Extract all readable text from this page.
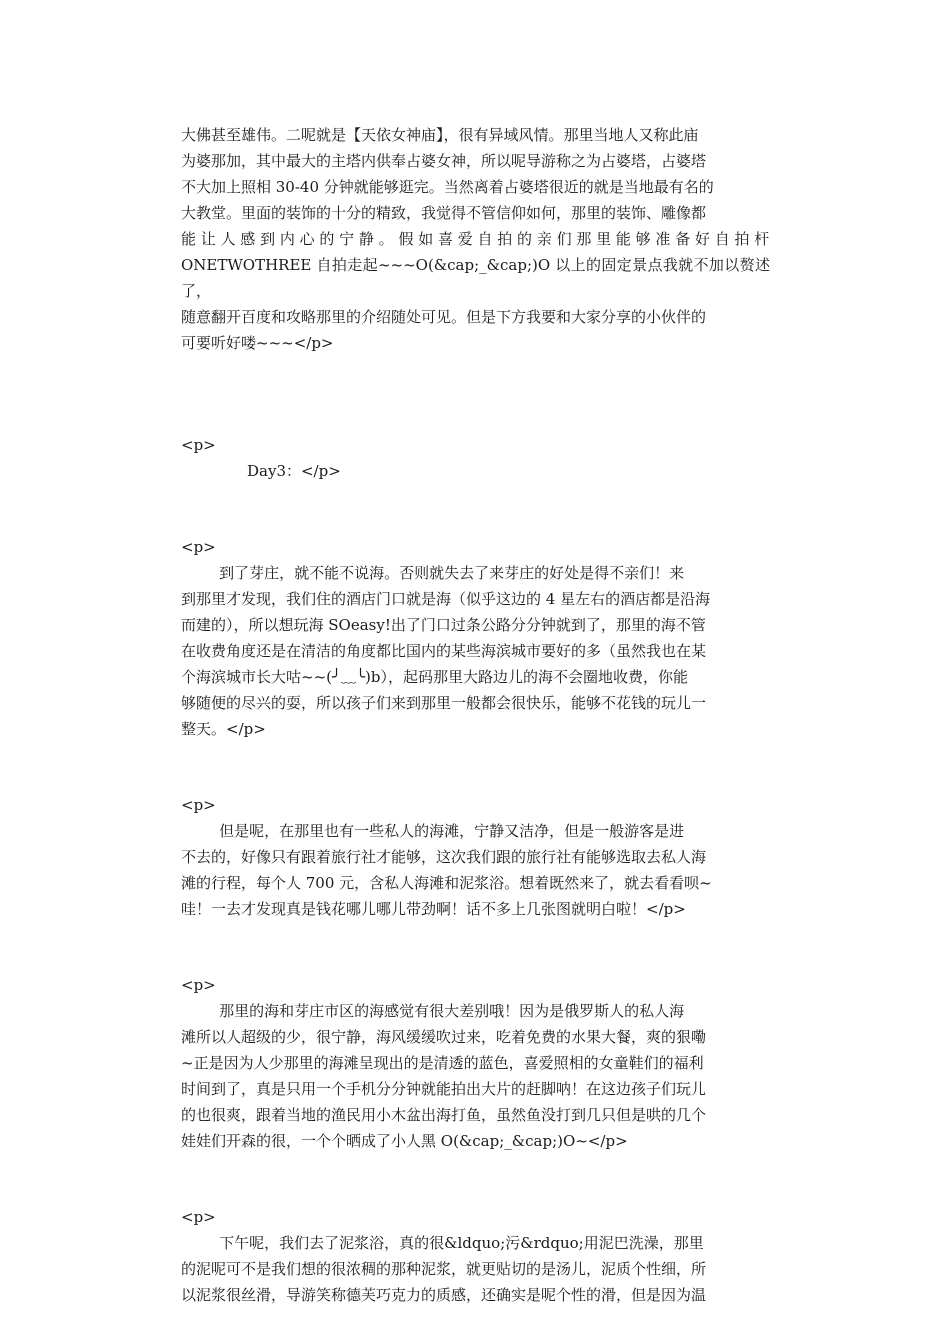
大佛甚至雄伟。二呢就是【天依女神庙】，很有异域风情。那里当地人又称此庙

为婆那加，其中最大的主塔内供奉占婆女神，所以呢导游称之为占婆塔，占婆塔

不大加上照相 30-40 分钟就能够逛完。当然离着占婆塔很近的就是当地最有名的

大教堂。里面的装饰的十分的精致，我觉得不管信仰如何，那里的装饰、雕像都

能 让 人 感 到 内 心 的 宁 静 。 假 如 喜 爱 自 拍 的 亲 们 那 里 能 够 准 备 好 自 拍 杆

ONETWOTHREE 自拍走起~~~O(&cap;_&cap;)O 以上的固定景点我就不加以赘述了，

随意翻开百度和攻略那里的介绍随处可见。但是下方我要和大家分享的小伙伴的

可要听好喽~~~</p>

<p>

Day3：</p>

<p>

到了芽庄，就不能不说海。否则就失去了来芽庄的好处是得不亲们！来

到那里才发现，我们住的酒店门口就是海（似乎这边的 4 星左右的酒店都是沿海

而建的），所以想玩海 SOeasy!出了门口过条公路分分钟就到了，那里的海不管

在收费角度还是在清洁的角度都比国内的某些海滨城市要好的多（虽然我也在某

个海滨城市长大咕~~(╯﹏╰)b），起码那里大路边儿的海不会圈地收费，你能

够随便的尽兴的耍，所以孩子们来到那里一般都会很快乐，能够不花钱的玩儿一

整天。</p>

<p>

但是呢，在那里也有一些私人的海滩，宁静又洁净，但是一般游客是进

不去的，好像只有跟着旅行社才能够，这次我们跟的旅行社有能够选取去私人海

滩的行程，每个人 700 元，含私人海滩和泥浆浴。想着既然来了，就去看看呗~

哇！一去才发现真是钱花哪儿哪儿带劲啊！话不多上几张图就明白啦！</p>

<p>

那里的海和芽庄市区的海感觉有很大差别哦！因为是俄罗斯人的私人海

滩所以人超级的少，很宁静，海风缓缓吹过来，吃着免费的水果大餐，爽的狠嘞

~正是因为人少那里的海滩呈现出的是清透的蓝色，喜爱照相的女童鞋们的福利

时间到了，真是只用一个手机分分钟就能拍出大片的赶脚呐！在这边孩子们玩儿

的也很爽，跟着当地的渔民用小木盆出海打鱼，虽然鱼没打到几只但是哄的几个

娃娃们开森的很，一个个晒成了小人黑 O(&cap;_&cap;)O~</p>

<p>

下午呢，我们去了泥浆浴，真的很&ldquo;污&rdquo;用泥巴洗澡，那里

的泥呢可不是我们想的很浓稠的那种泥浆，就更贴切的是汤儿，泥质个性细，所

以泥浆很丝滑，导游笑称德芙巧克力的质感，还确实是呢个性的滑，但是因为温
